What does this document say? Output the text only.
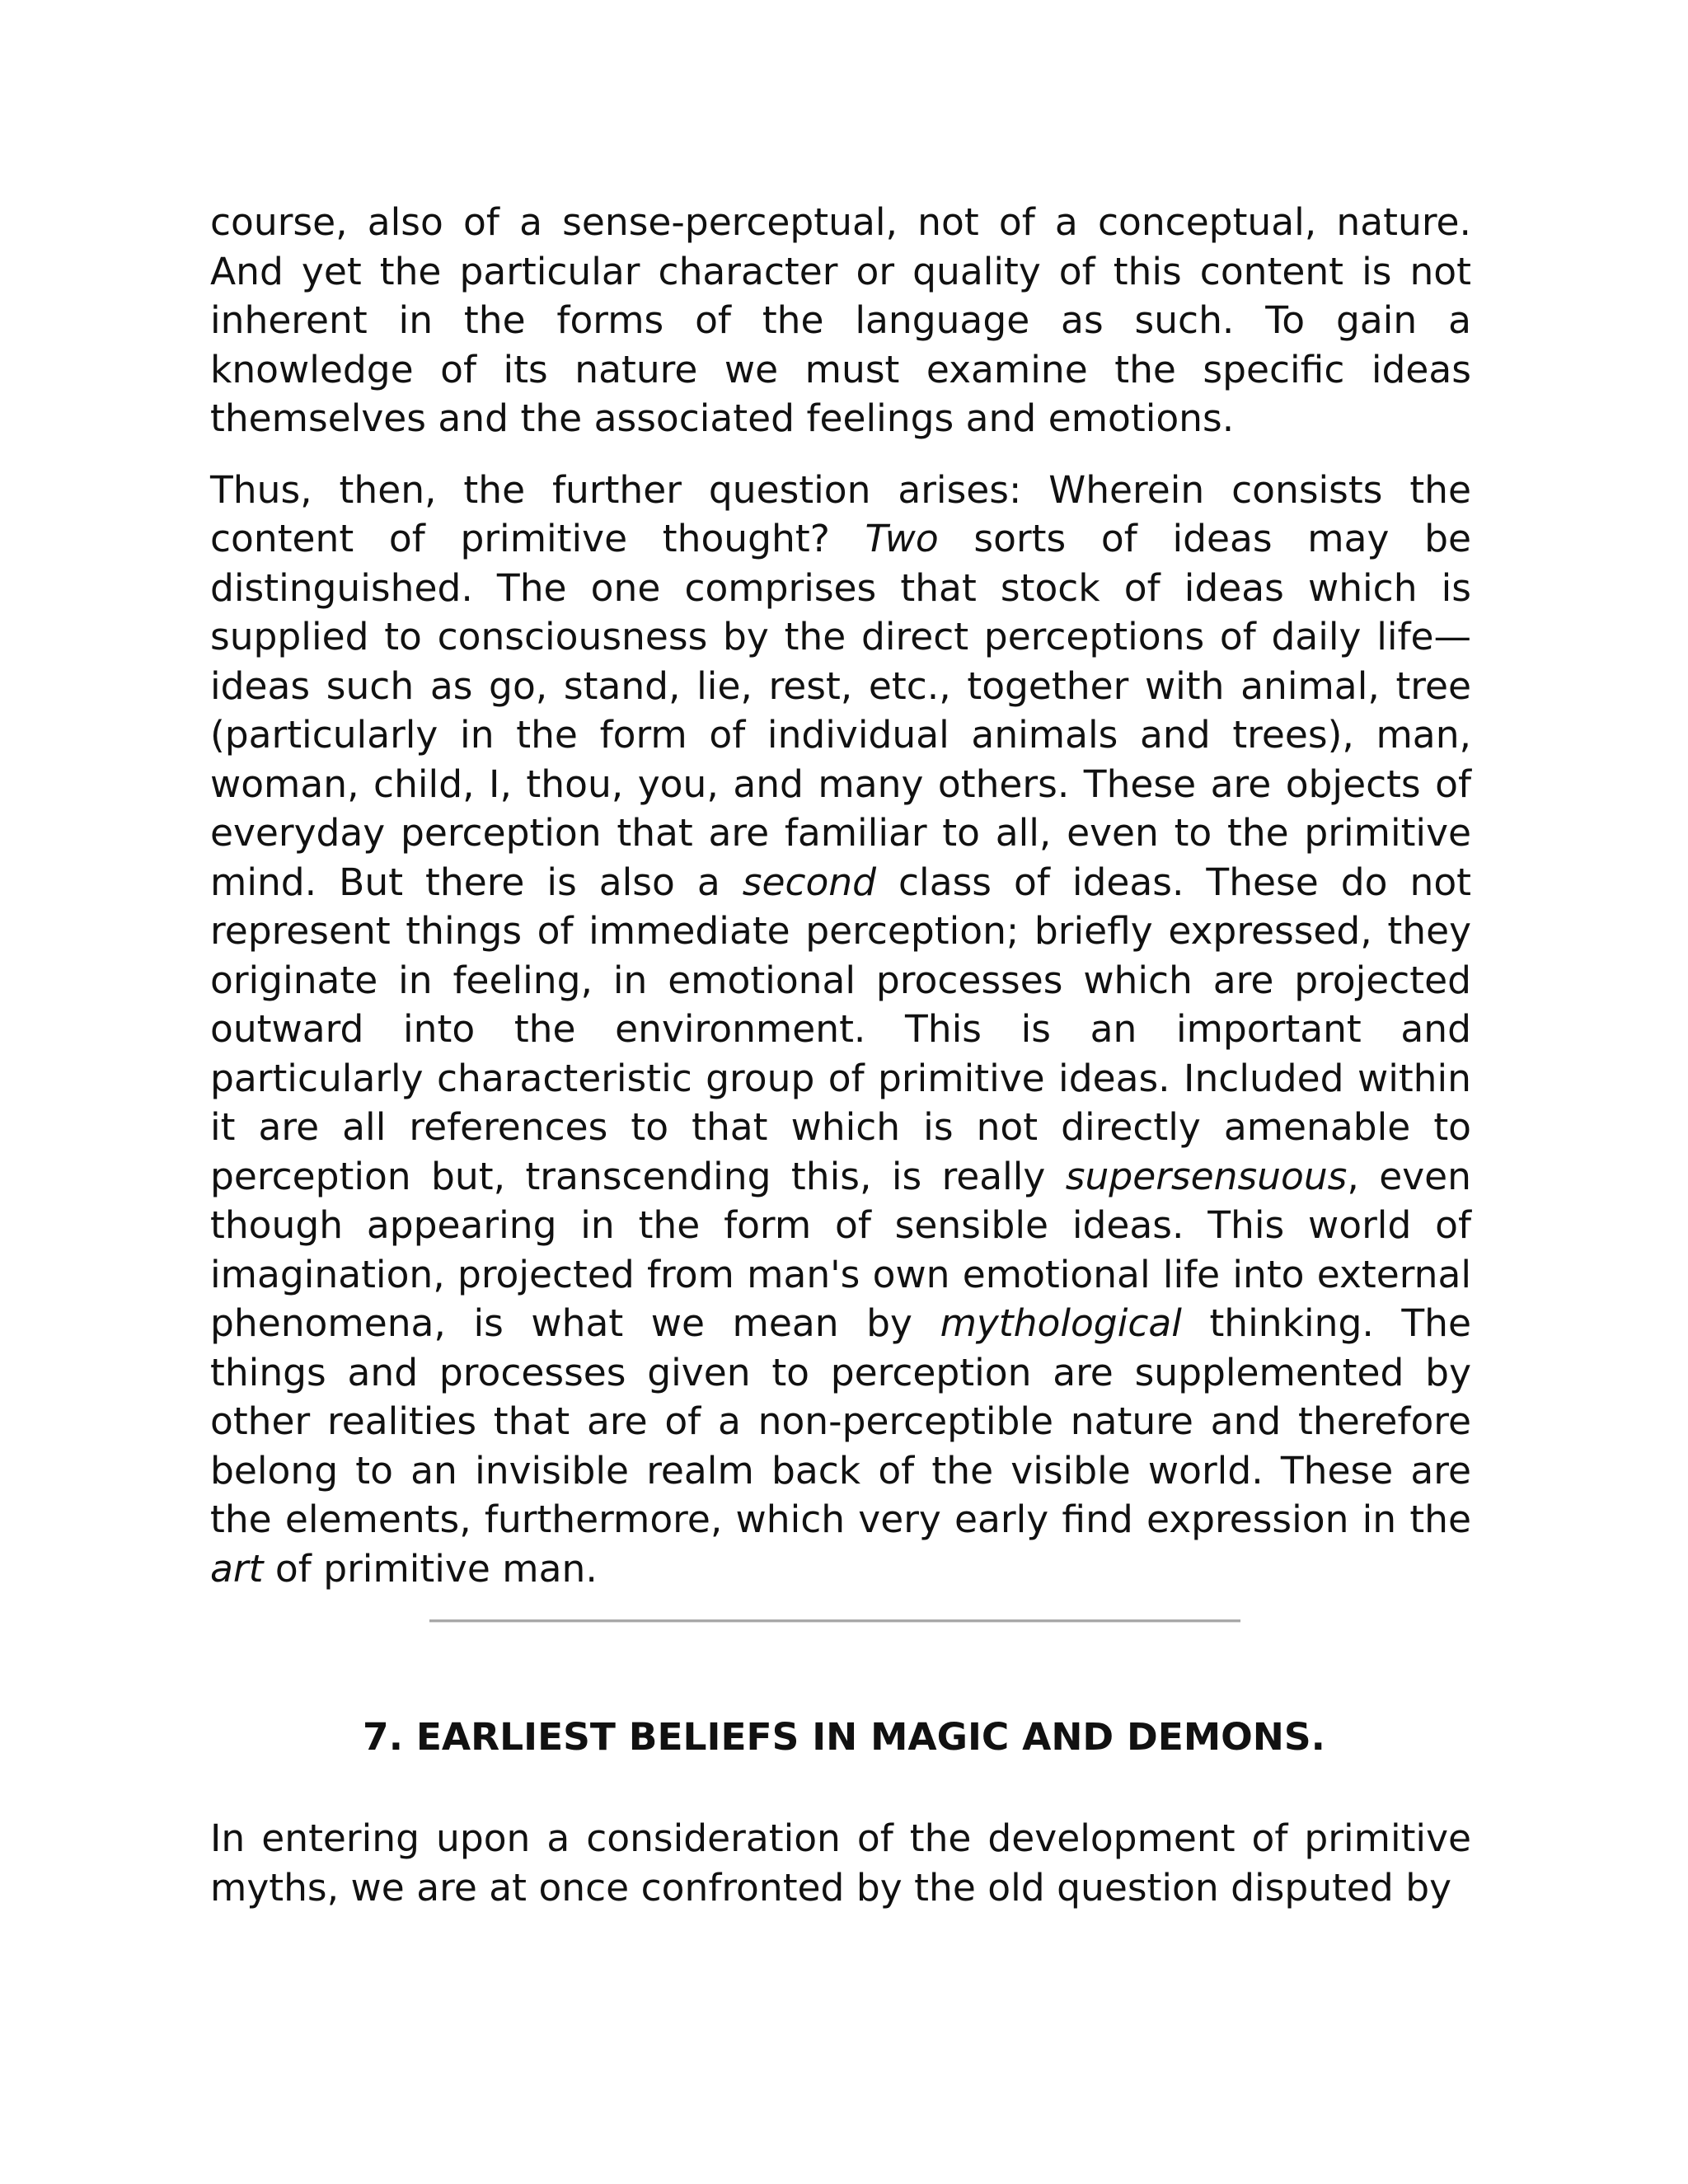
course, also of a sense-perceptual, not of a conceptual, nature. And yet the particular character or quality of this content is not inherent in the forms of the language as such. To gain a knowledge of its nature we must examine the specific ideas themselves and the associated feelings and emotions.

Thus, then, the further question arises: Wherein consists the content of primitive thought? Two sorts of ideas may be distinguished. The one comprises that stock of ideas which is supplied to consciousness by the direct perceptions of daily life—ideas such as go, stand, lie, rest, etc., together with animal, tree (particularly in the form of individual animals and trees), man, woman, child, I, thou, you, and many others. These are objects of everyday perception that are familiar to all, even to the primitive mind. But there is also a second class of ideas. These do not represent things of immediate perception; briefly expressed, they originate in feeling, in emotional processes which are projected outward into the environment. This is an important and particularly characteristic group of primitive ideas. Included within it are all references to that which is not directly amenable to perception but, transcending this, is really supersensuous, even though appearing in the form of sensible ideas. This world of imagination, projected from man's own emotional life into external phenomena, is what we mean by mythological thinking. The things and processes given to perception are supplemented by other realities that are of a non-perceptible nature and therefore belong to an invisible realm back of the visible world. These are the elements, furthermore, which very early find expression in the art of primitive man.

7. EARLIEST BELIEFS IN MAGIC AND DEMONS.

In entering upon a consideration of the development of primitive myths, we are at once confronted by the old question disputed by
